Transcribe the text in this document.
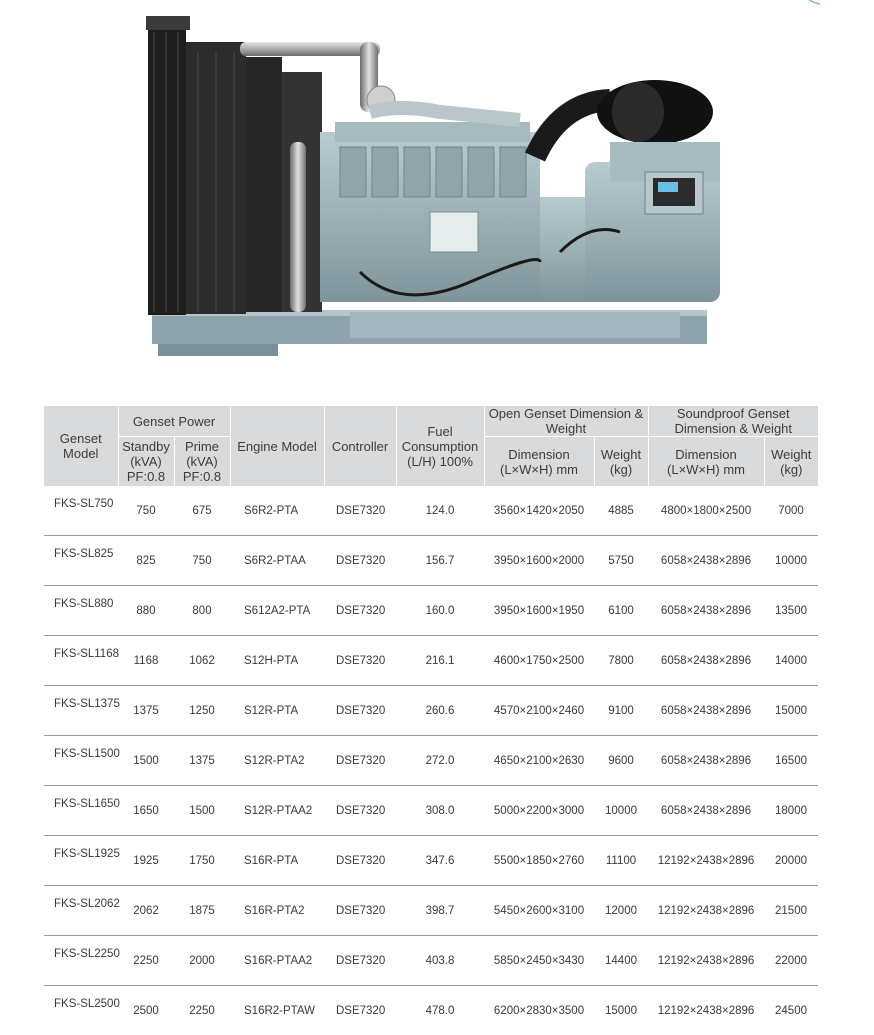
Genset Model	Genset Power		Engine Model	Controller	Fuel Consumption (L/H) 100%	Open Genset Dimension & Weight		Soundproof Genset Dimension & Weight	
	Standby (kVA) PF:0.8	Prime (kVA) PF:0.8				Dimension (L×W×H) mm	Weight (kg)	Dimension (L×W×H) mm	Weight (kg)
FKS-SL750	750	675	S6R2-PTA	DSE7320	124.0	3560×1420×2050	4885	4800×1800×2500	7000
FKS-SL825	825	750	S6R2-PTAA	DSE7320	156.7	3950×1600×2000	5750	6058×2438×2896	10000
FKS-SL880	880	800	S612A2-PTA	DSE7320	160.0	3950×1600×1950	6100	6058×2438×2896	13500
FKS-SL1168	1168	1062	S12H-PTA	DSE7320	216.1	4600×1750×2500	7800	6058×2438×2896	14000
FKS-SL1375	1375	1250	S12R-PTA	DSE7320	260.6	4570×2100×2460	9100	6058×2438×2896	15000
FKS-SL1500	1500	1375	S12R-PTA2	DSE7320	272.0	4650×2100×2630	9600	6058×2438×2896	16500
FKS-SL1650	1650	1500	S12R-PTAA2	DSE7320	308.0	5000×2200×3000	10000	6058×2438×2896	18000
FKS-SL1925	1925	1750	S16R-PTA	DSE7320	347.6	5500×1850×2760	11100	12192×2438×2896	20000
FKS-SL2062	2062	1875	S16R-PTA2	DSE7320	398.7	5450×2600×3100	12000	12192×2438×2896	21500
FKS-SL2250	2250	2000	S16R-PTAA2	DSE7320	403.8	5850×2450×3430	14400	12192×2438×2896	22000
FKS-SL2500	2500	2250	S16R2-PTAW	DSE7320	478.0	6200×2830×3500	15000	12192×2438×2896	24500
